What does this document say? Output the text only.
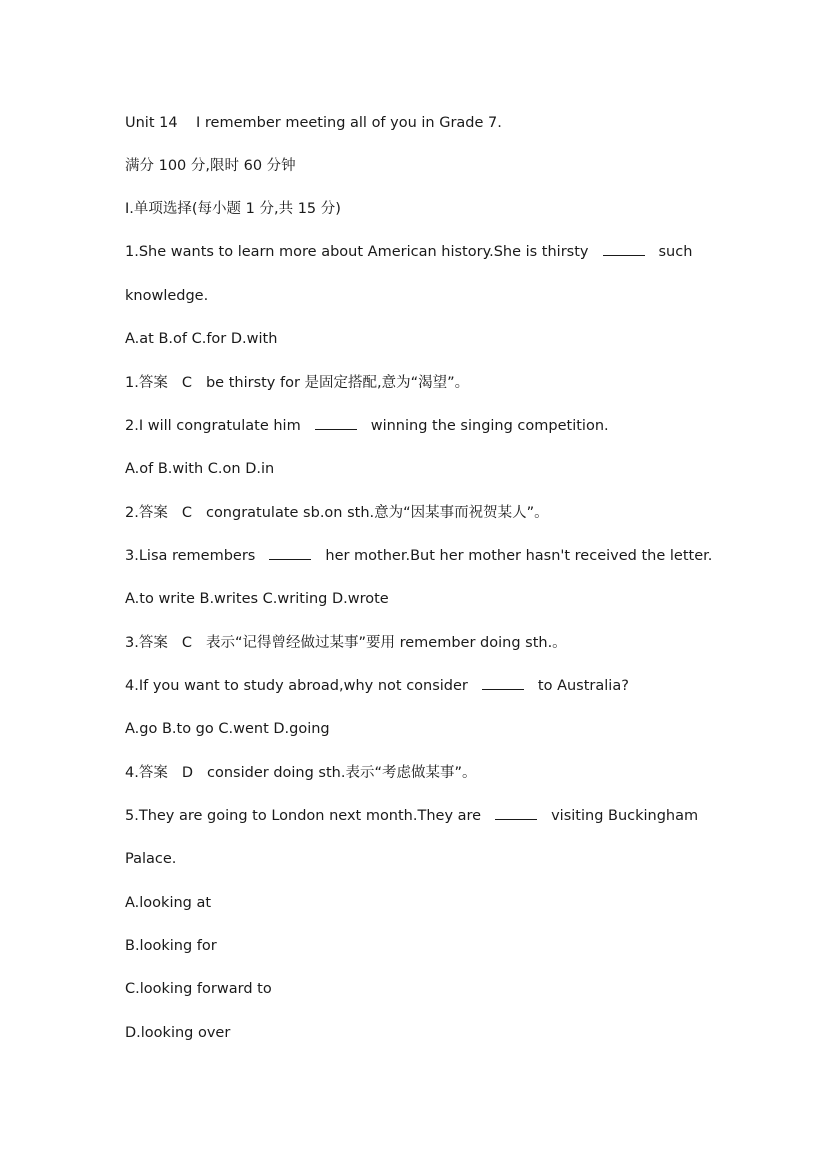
Unit 14    I remember meeting all of you in Grade 7.
满分 100 分,限时 60 分钟
Ⅰ.单项选择(每小题 1 分,共 15 分)
1.She wants to learn more about American history.She is thirsty	such
knowledge.
A.at B.of C.for D.with
1.答案 C be thirsty for 是固定搭配,意为“渴望”。
2.I will congratulate him	winning the singing competition.
A.of B.with C.on D.in
2.答案 C congratulate sb.on sth.意为“因某事而祝贺某人”。
3.Lisa remembers	her mother.But her mother hasn't received the letter.
A.to write B.writes C.writing D.wrote
3.答案 C 表示“记得曾经做过某事”要用 remember doing sth.。
4.If you want to study abroad,why not consider	to Australia?
A.go B.to go C.went D.going
4.答案 D consider doing sth.表示“考虑做某事”。
5.They are going to London next month.They are	visiting Buckingham
Palace.
A.looking at
B.looking for
C.looking forward to
D.looking over
